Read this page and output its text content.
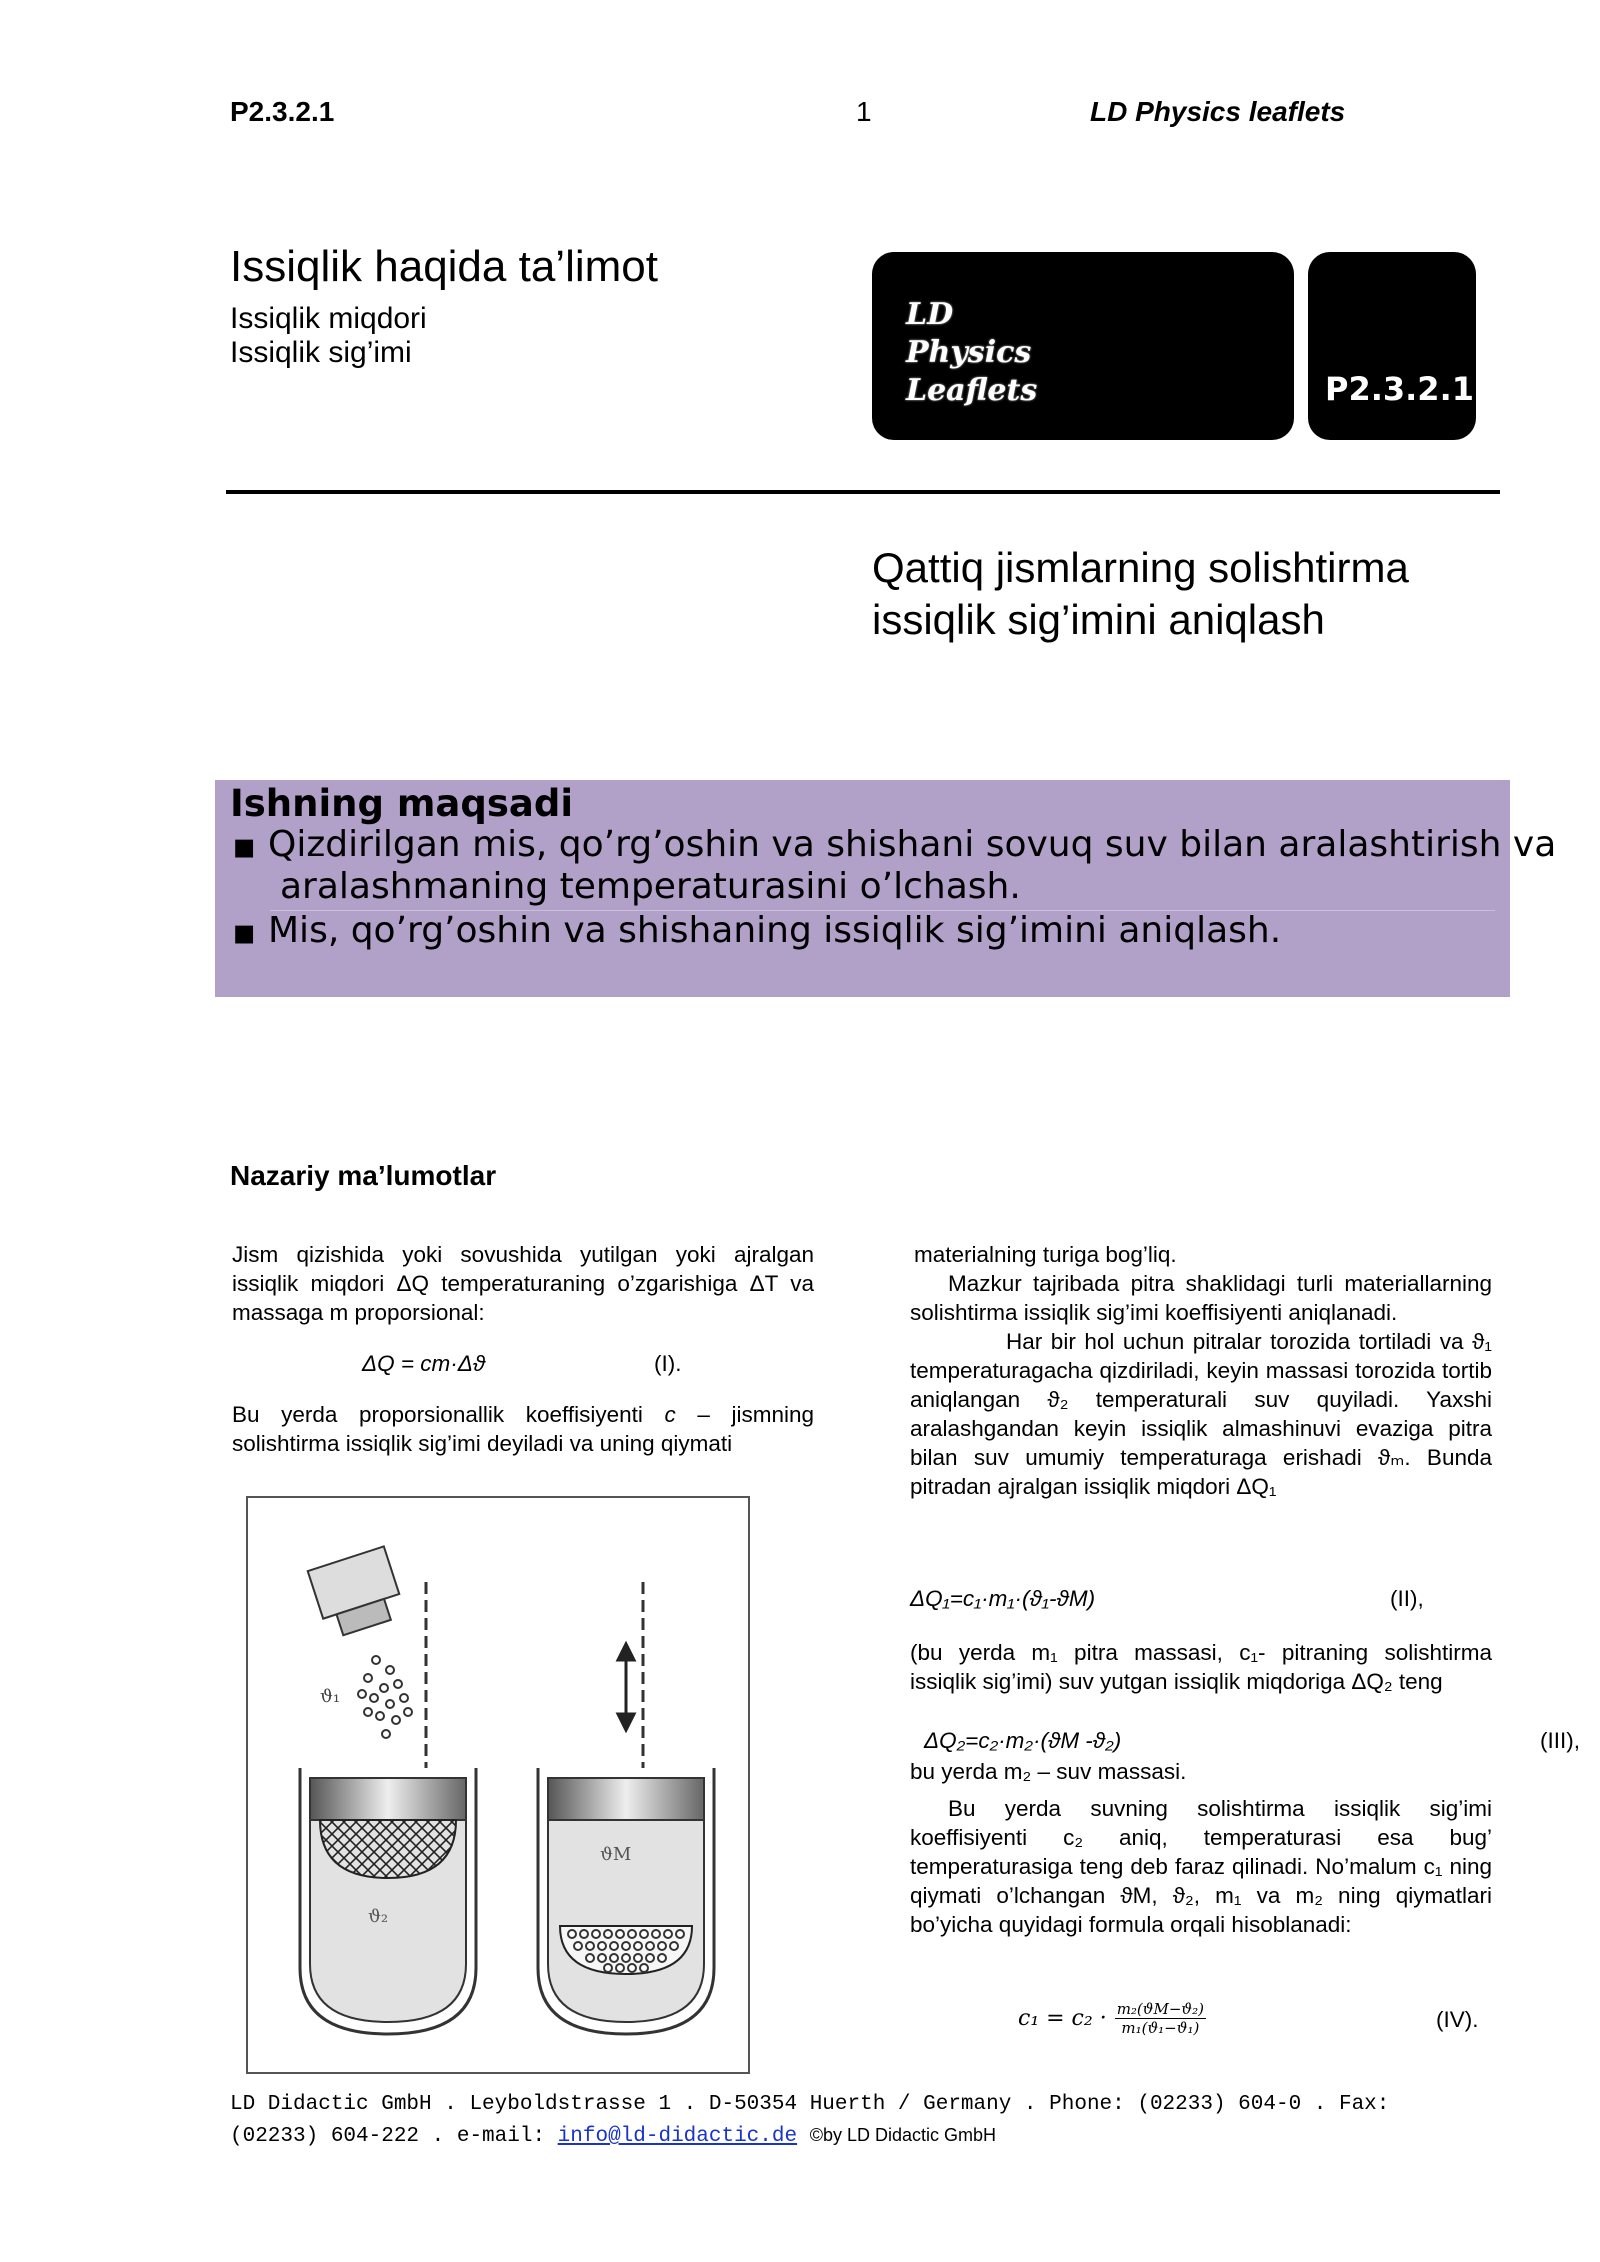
P2.3.2.1	1	LD Physics leaflets
Issiqlik haqida ta’limot
Issiqlik miqdori
Issiqlik sig’imi
LD
Physics
Leaflets	P2.3.2.1
Qattiq jismlarning solishtirma
issiqlik sig’imini aniqlash
Ishning maqsadi
▪ Qizdirilgan mis, qo’rg’oshin va shishani sovuq suv bilan aralashtirish va
aralashmaning temperaturasini o’lchash.
▪ Mis, qo’rg’oshin va shishaning issiqlik sig’imini aniqlash.
Nazariy ma’lumotlar

Jism qizishida yoki sovushida yutilgan yoki ajralgan issiqlik miqdori ΔQ temperaturaning o’zgarishiga ΔT va massaga m proporsional:

ΔQ = cm·Δϑ	(I).

Bu yerda proporsionallik koeffisiyenti c – jismning solishtirma issiqlik sig’imi deyiladi va uning qiymati

ϑ₁
ϑ₂
ϑM

materialning turiga bog’liq.

Mazkur tajribada pitra shaklidagi turli materiallarning solishtirma issiqlik sig’imi koeffisiyenti aniqlanadi.

Har bir hol uchun pitralar torozida tortiladi va ϑ₁ temperaturagacha qizdiriladi, keyin massasi torozida tortib aniqlangan ϑ₂ temperaturali suv quyiladi. Yaxshi aralashgandan keyin issiqlik almashinuvi evaziga pitra bilan suv umumiy temperaturaga erishadi ϑₘ. Bunda pitradan ajralgan issiqlik miqdori ΔQ₁

ΔQ₁=c₁·m₁·(ϑ₁-ϑM)	(II),

(bu yerda m₁ pitra massasi, c₁- pitraning solishtirma issiqlik sig’imi) suv yutgan issiqlik miqdoriga ΔQ₂ teng

ΔQ₂=c₂·m₂·(ϑM -ϑ₂)	(III),

bu yerda m₂ – suv massasi.

Bu yerda suvning solishtirma issiqlik sig’imi koeffisiyenti c₂ aniq, temperaturasi esa bug’ temperaturasiga teng deb faraz qilinadi. No’malum c₁ ning qiymati o’lchangan ϑM, ϑ₂, m₁ va m₂ ning qiymatlari bo’yicha quyidagi formula orqali hisoblanadi:

$c_1 = c_2 \cdot \frac{\text{m₂(ϑM−ϑ₂)}}{\text{m₁(ϑ₁−ϑ₁)}}$	(IV).
LD Didactic GmbH . Leyboldstrasse 1 . D-50354 Huerth / Germany . Phone: (02233) 604-0 . Fax:
(02233) 604-222 . e-mail: info@ld-didactic.de ©by LD Didactic GmbH
